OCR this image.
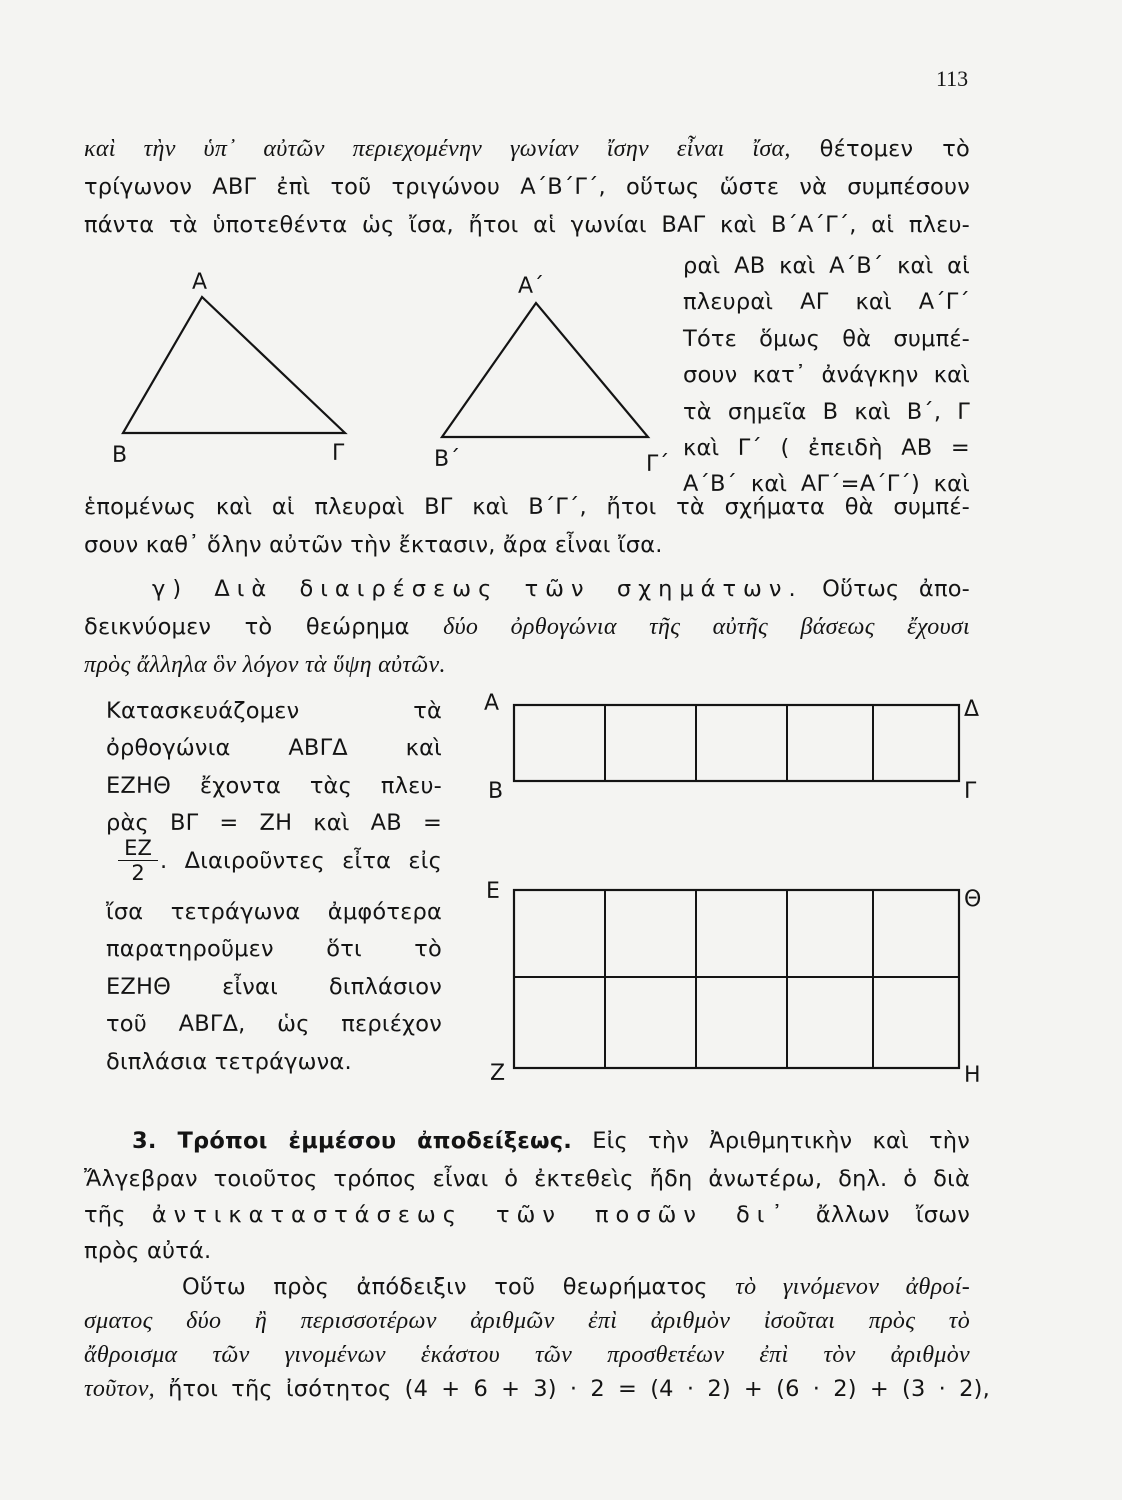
113
καὶ τὴν ὑπ᾽ αὐτῶν περιεχομένην γωνίαν ἴσην εἶναι ἴσα, θέτομεν τὸ
τρίγωνον ΑΒΓ ἐπὶ τοῦ τριγώνου Α΄Β΄Γ΄, οὕτως ὥστε νὰ συμπέσουν
πάντα τὰ ὑποτεθέντα ὡς ἴσα, ἤτοι αἱ γωνίαι ΒΑΓ καὶ Β΄Α΄Γ΄, αἱ πλευ-
ραὶ ΑΒ καὶ Α΄Β΄ καὶ αἱ
πλευραὶ ΑΓ καὶ Α΄Γ΄
Τότε ὅμως θὰ συμπέ-
σουν κατ᾽ ἀνάγκην καὶ
τὰ σημεῖα Β καὶ Β΄, Γ
καὶ Γ΄ ( ἐπειδὴ ΑΒ =
Α΄Β΄ καὶ ΑΓ΄=Α΄Γ΄) καὶ
Α
Β	Γ
Α΄
Β΄	Γ΄
ἑπομένως καὶ αἱ πλευραὶ ΒΓ καὶ Β΄Γ΄, ἤτοι τὰ σχήματα θὰ συμπέ-
σουν καθ᾽ ὅλην αὐτῶν τὴν ἔκτασιν, ἄρα εἶναι ἴσα.
γ) Διὰ διαιρέσεως τῶν σχημάτων. Οὕτως ἀπο-
δεικνύομεν τὸ θεώρημα δύο ὀρθογώνια τῆς αὐτῆς βάσεως ἔχουσι
πρὸς ἄλληλα ὃν λόγον τὰ ὕψη αὐτῶν.
Κατασκευάζομεν τὰ
ὀρθογώνια ΑΒΓΔ καὶ
ΕΖΗΘ ἔχοντα τὰς πλευ-
ρὰς ΒΓ = ΖΗ καὶ ΑΒ =
$\frac{EZ}{2}$ . Διαιροῦντες εἶτα εἰς
ἴσα τετράγωνα ἀμφότερα
παρατηροῦμεν ὅτι τὸ
ΕΖΗΘ εἶναι διπλάσιον
τοῦ ΑΒΓΔ, ὡς περιέχον
διπλάσια τετράγωνα.
Α	Δ
Β	Γ
Ε	Θ
Ζ	Η
3. Τρόποι ἐμμέσου ἀποδείξεως. Εἰς τὴν Ἀριθμητικὴν καὶ τὴν
Ἄλγεβραν τοιοῦτος τρόπος εἶναι ὁ ἐκτεθεὶς ἤδη ἀνωτέρω, δηλ. ὁ διὰ
τῆς ἀντικαταστάσεως τῶν ποσῶν δι᾽ ἄλλων ἴσων
πρὸς αὐτά.
Οὕτω πρὸς ἀπόδειξιν τοῦ θεωρήματος τὸ γινόμενον ἀθροί-
σματος δύο ἢ περισσοτέρων ἀριθμῶν ἐπὶ ἀριθμὸν ἰσοῦται πρὸς τὸ
ἄθροισμα τῶν γινομένων ἑκάστου τῶν προσθετέων ἐπὶ τὸν ἀριθμὸν
τοῦτον, ἤτοι τῆς ἰσότητος (4 + 6 + 3) · 2 = (4 · 2) + (6 · 2) + (3 · 2),
